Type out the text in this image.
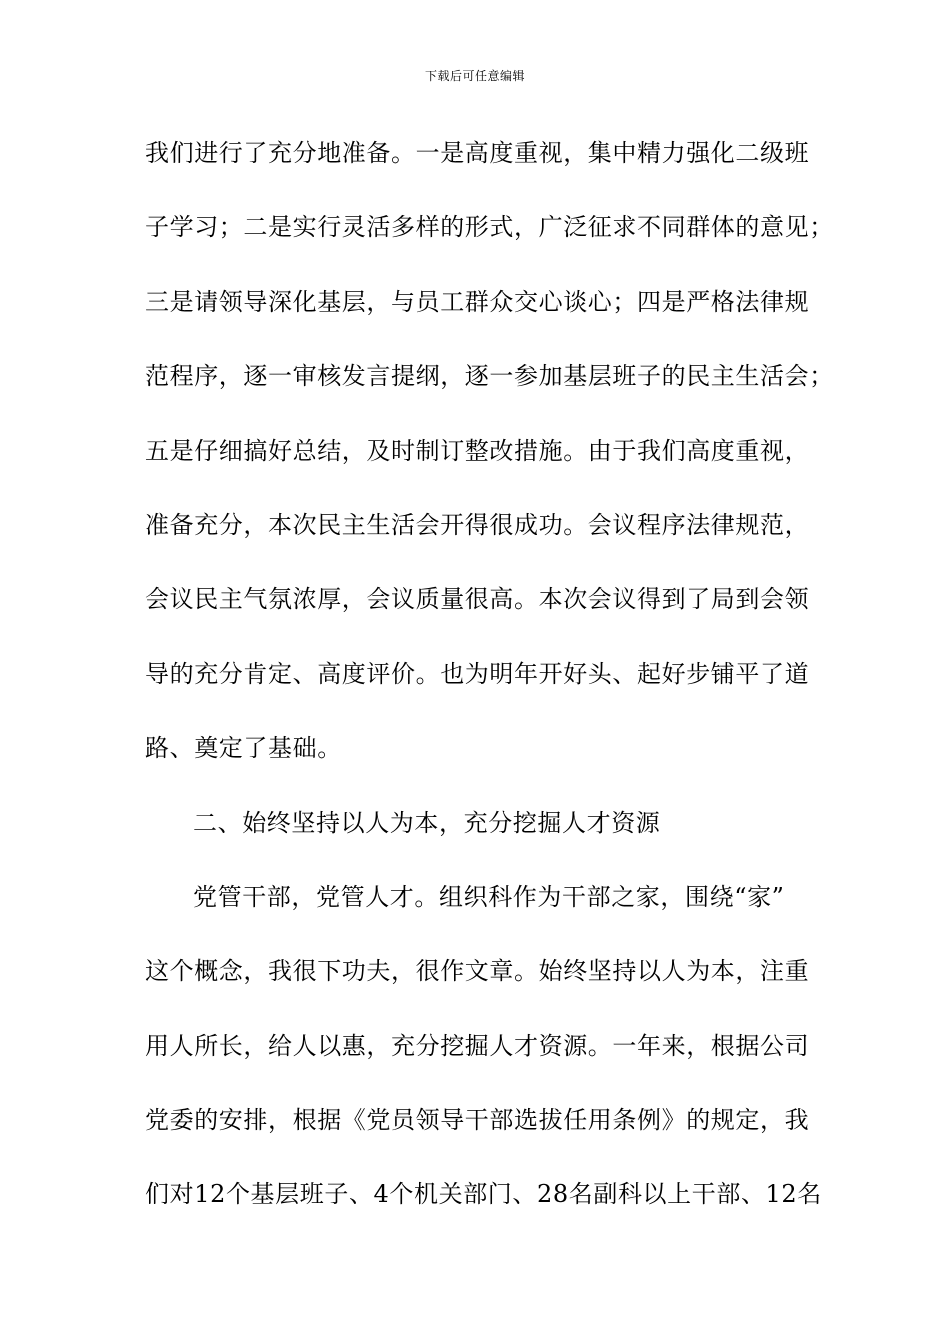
下载后可任意编辑
我们进行了充分地准备。一是高度重视，集中精力强化二级班
子学习；二是实行灵活多样的形式，广泛征求不同群体的意见；
三是请领导深化基层，与员工群众交心谈心；四是严格法律规
范程序，逐一审核发言提纲，逐一参加基层班子的民主生活会；
五是仔细搞好总结，及时制订整改措施。由于我们高度重视，
准备充分，本次民主生活会开得很成功。会议程序法律规范，
会议民主气氛浓厚，会议质量很高。本次会议得到了局到会领
导的充分肯定、高度评价。也为明年开好头、起好步铺平了道
路、奠定了基础。
二、始终坚持以人为本，充分挖掘人才资源
党管干部，党管人才。组织科作为干部之家，围绕“家”
这个概念，我很下功夫，很作文章。始终坚持以人为本，注重
用人所长，给人以惠，充分挖掘人才资源。一年来，根据公司
党委的安排，根据《党员领导干部选拔任用条例》的规定，我
们对12个基层班子、4个机关部门、28名副科以上干部、12名
